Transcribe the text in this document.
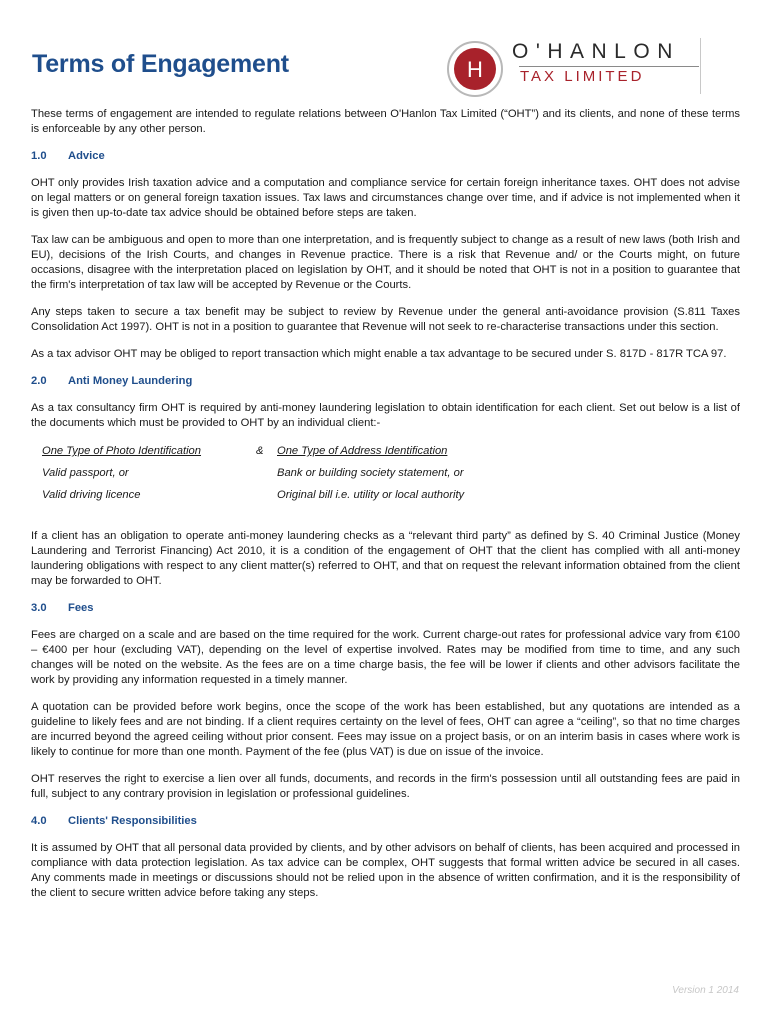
Terms of Engagement	H
O'HANLON
TAX LIMITED

These terms of engagement are intended to regulate relations between O'Hanlon Tax Limited (“OHT”) and its clients, and none of these terms is enforceable by any other person.

1.0 Advice

OHT only provides Irish taxation advice and a computation and compliance service for certain foreign inheritance taxes. OHT does not advise on legal matters or on general foreign taxation issues. Tax laws and circumstances change over time, and if advice is not implemented when it is given then up-to-date tax advice should be obtained before steps are taken.

Tax law can be ambiguous and open to more than one interpretation, and is frequently subject to change as a result of new laws (both Irish and EU), decisions of the Irish Courts, and changes in Revenue practice. There is a risk that Revenue and/ or the Courts might, on future occasions, disagree with the interpretation placed on legislation by OHT, and it should be noted that OHT is not in a position to guarantee that the firm's interpretation of tax law will be accepted by Revenue or the Courts.

Any steps taken to secure a tax benefit may be subject to review by Revenue under the general anti-avoidance provision (S.811 Taxes Consolidation Act 1997). OHT is not in a position to guarantee that Revenue will not seek to re-characterise transactions under this section.

As a tax advisor OHT may be obliged to report transaction which might enable a tax advantage to be secured under S. 817D - 817R TCA 97.

2.0 Anti Money Laundering

As a tax consultancy firm OHT is required by anti-money laundering legislation to obtain identification for each client. Set out below is a list of the documents which must be provided to OHT by an individual client:-

One Type of Photo Identification	& One Type of Address Identification
Valid passport, or	Bank or building society statement, or
Valid driving licence	Original bill i.e. utility or local authority

If a client has an obligation to operate anti-money laundering checks as a “relevant third party” as defined by S. 40 Criminal Justice (Money Laundering and Terrorist Financing) Act 2010, it is a condition of the engagement of OHT that the client has complied with all anti-money laundering obligations with respect to any client matter(s) referred to OHT, and that on request the relevant information obtained from the client may be forwarded to OHT.

3.0 Fees

Fees are charged on a scale and are based on the time required for the work. Current charge-out rates for professional advice vary from €100 – €400 per hour (excluding VAT), depending on the level of expertise involved. Rates may be modified from time to time, and any such changes will be noted on the website. As the fees are on a time charge basis, the fee will be lower if clients and other advisors facilitate the work by providing any information requested in a timely manner.

A quotation can be provided before work begins, once the scope of the work has been established, but any quotations are intended as a guideline to likely fees and are not binding. If a client requires certainty on the level of fees, OHT can agree a “ceiling”, so that no time charges are incurred beyond the agreed ceiling without prior consent. Fees may issue on a project basis, or on an interim basis in cases where work is likely to continue for more than one month. Payment of the fee (plus VAT) is due on issue of the invoice.

OHT reserves the right to exercise a lien over all funds, documents, and records in the firm's possession until all outstanding fees are paid in full, subject to any contrary provision in legislation or professional guidelines.

4.0 Clients' Responsibilities

It is assumed by OHT that all personal data provided by clients, and by other advisors on behalf of clients, has been acquired and processed in compliance with data protection legislation. As tax advice can be complex, OHT suggests that formal written advice be secured in all cases. Any comments made in meetings or discussions should not be relied upon in the absence of written confirmation, and it is the responsibility of the client to secure written advice before taking any steps.

Version 1 2014
